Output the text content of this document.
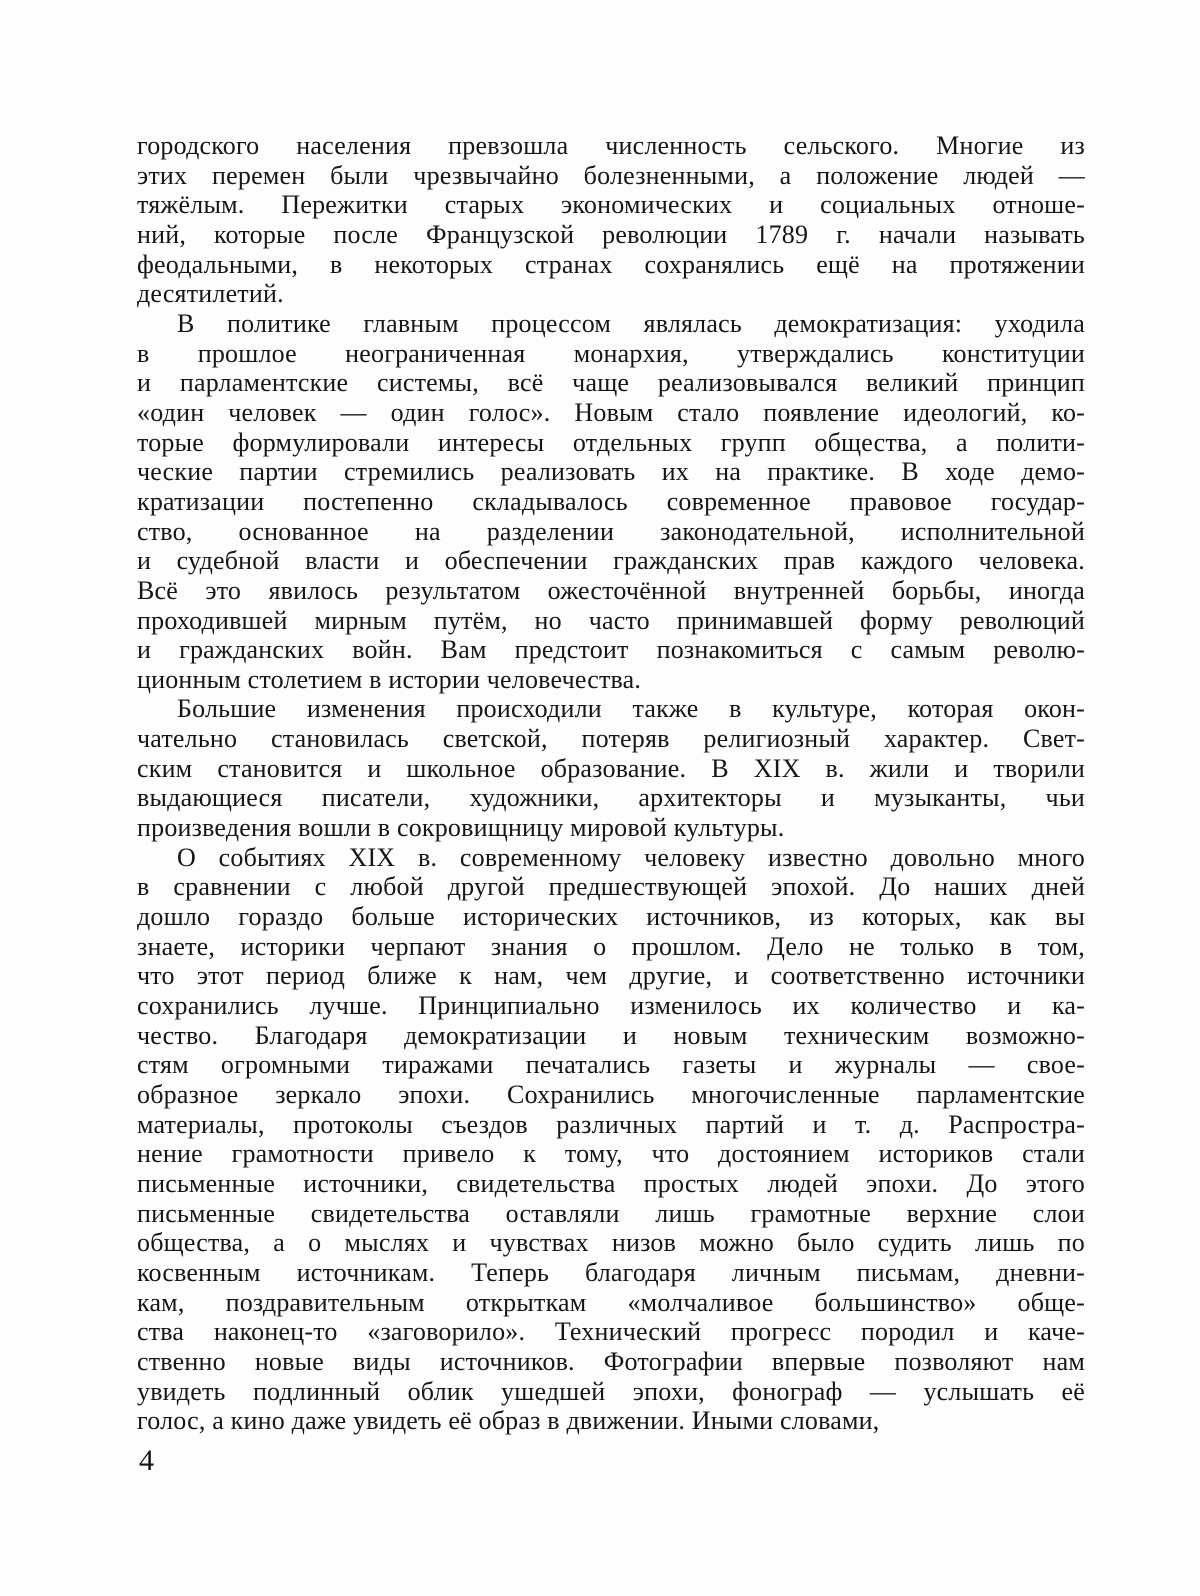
городского населения превзошла численность сельского. Многие из
этих перемен были чрезвычайно болезненными, а положение людей —
тяжёлым. Пережитки старых экономических и социальных отноше-
ний, которые после Французской революции 1789 г. начали называть
феодальными, в некоторых странах сохранялись ещё на протяжении
десятилетий.
В политике главным процессом являлась демократизация: уходила
в прошлое неограниченная монархия, утверждались конституции
и парламентские системы, всё чаще реализовывался великий принцип
«один человек — один голос». Новым стало появление идеологий, ко-
торые формулировали интересы отдельных групп общества, а полити-
ческие партии стремились реализовать их на практике. В ходе демо-
кратизации постепенно складывалось современное правовое государ-
ство, основанное на разделении законодательной, исполнительной
и судебной власти и обеспечении гражданских прав каждого человека.
Всё это явилось результатом ожесточённой внутренней борьбы, иногда
проходившей мирным путём, но часто принимавшей форму революций
и гражданских войн. Вам предстоит познакомиться с самым револю-
ционным столетием в истории человечества.
Большие изменения происходили также в культуре, которая окон-
чательно становилась светской, потеряв религиозный характер. Свет-
ским становится и школьное образование. В XIX в. жили и творили
выдающиеся писатели, художники, архитекторы и музыканты, чьи
произведения вошли в сокровищницу мировой культуры.
О событиях XIX в. современному человеку известно довольно много
в сравнении с любой другой предшествующей эпохой. До наших дней
дошло гораздо больше исторических источников, из которых, как вы
знаете, историки черпают знания о прошлом. Дело не только в том,
что этот период ближе к нам, чем другие, и соответственно источники
сохранились лучше. Принципиально изменилось их количество и ка-
чество. Благодаря демократизации и новым техническим возможно-
стям огромными тиражами печатались газеты и журналы — свое-
образное зеркало эпохи. Сохранились многочисленные парламентские
материалы, протоколы съездов различных партий и т. д. Распростра-
нение грамотности привело к тому, что достоянием историков стали
письменные источники, свидетельства простых людей эпохи. До этого
письменные свидетельства оставляли лишь грамотные верхние слои
общества, а о мыслях и чувствах низов можно было судить лишь по
косвенным источникам. Теперь благодаря личным письмам, дневни-
кам, поздравительным открыткам «молчаливое большинство» обще-
ства наконец-то «заговорило». Технический прогресс породил и каче-
ственно новые виды источников. Фотографии впервые позволяют нам
увидеть подлинный облик ушедшей эпохи, фонограф — услышать её
голос, а кино даже увидеть её образ в движении. Иными словами,
4
